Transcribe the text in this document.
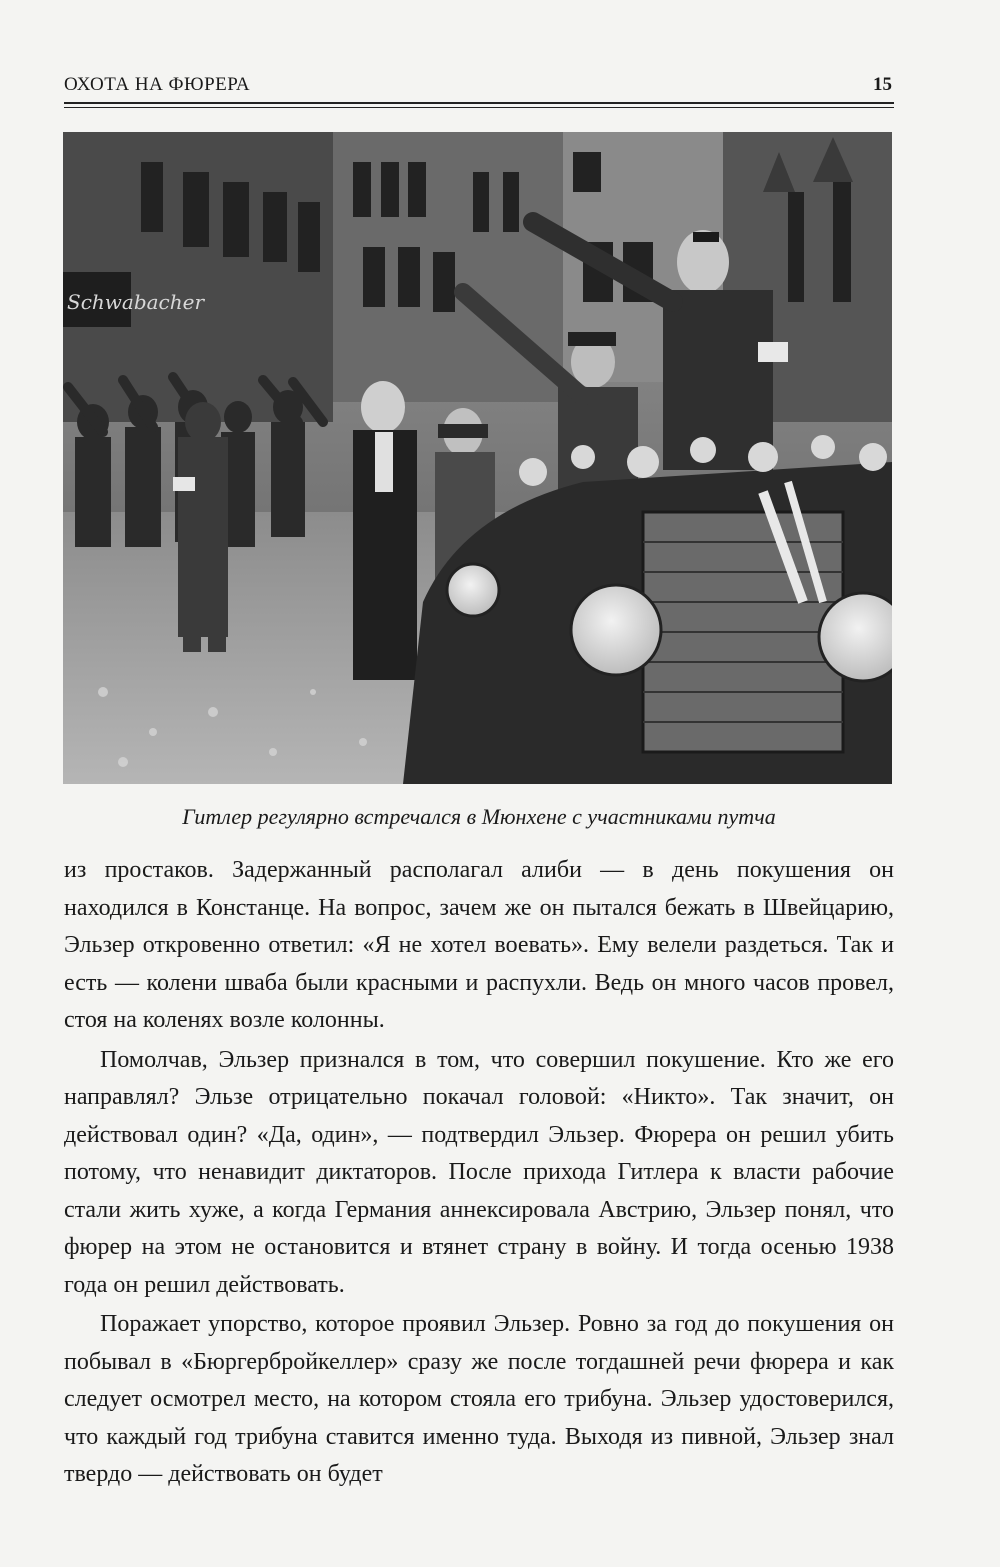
ОХОТА НА ФЮРЕРА	15
Schwabacher
Гитлер регулярно встречался в Мюнхене с участниками путча

из простаков. Задержанный располагал алиби — в день покушения он находился в Констанце. На вопрос, зачем же он пытался бежать в Швейцарию, Эльзер откровенно ответил: «Я не хотел воевать». Ему велели раздеться. Так и есть — колени шваба были красными и распухли. Ведь он много часов провел, стоя на коленях возле колонны.

Помолчав, Эльзер признался в том, что совершил покушение. Кто же его направлял? Эльзе отрицательно покачал головой: «Никто». Так значит, он действовал один? «Да, один», — подтвердил Эльзер. Фюрера он решил убить потому, что ненавидит диктаторов. После прихода Гитлера к власти рабочие стали жить хуже, а когда Германия аннексировала Австрию, Эльзер понял, что фюрер на этом не остановится и втянет страну в войну. И тогда осенью 1938 года он решил действовать.

Поражает упорство, которое проявил Эльзер. Ровно за год до покушения он побывал в «Бюргербройкеллер» сразу же после тогдашней речи фюрера и как следует осмотрел место, на котором стояла его трибуна. Эльзер удостоверился, что каждый год трибуна ставится именно туда. Выходя из пивной, Эльзер знал твердо — действовать он будет
